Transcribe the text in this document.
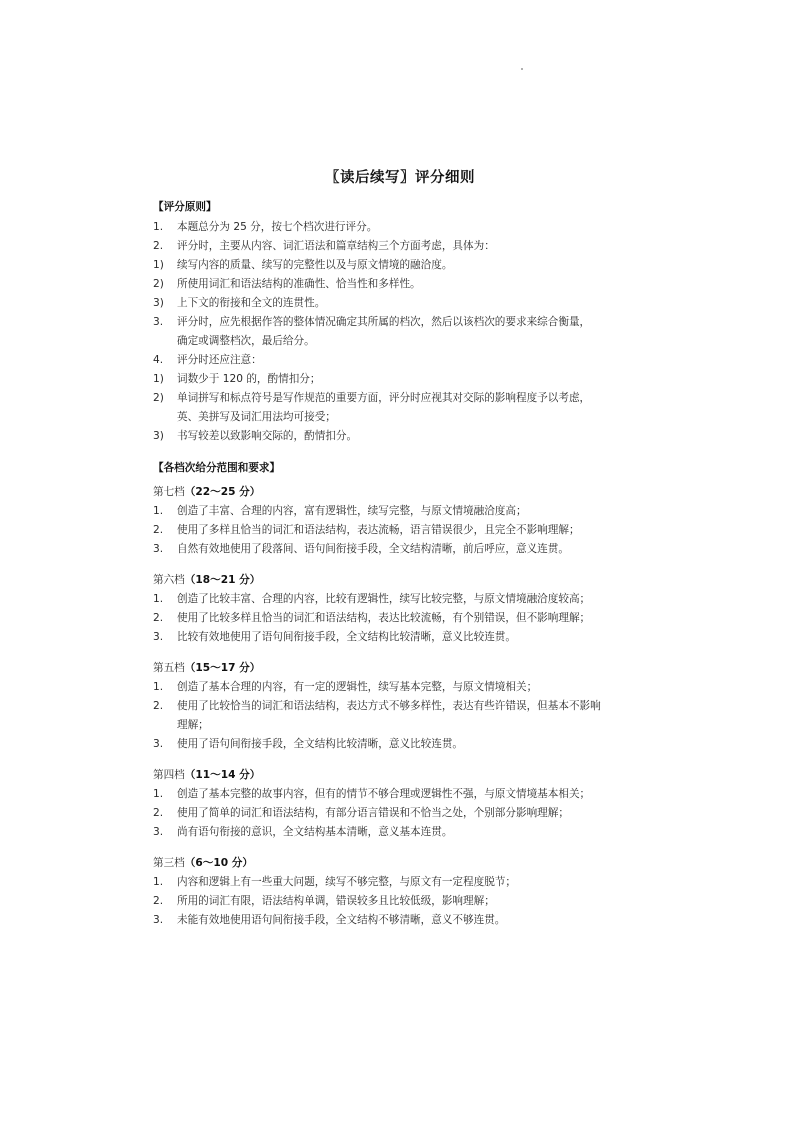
〖读后续写〗评分细则
【评分原则】
1.	本题总分为 25 分，按七个档次进行评分。
2.	评分时，主要从内容、词汇语法和篇章结构三个方面考虑，具体为：
1)	续写内容的质量、续写的完整性以及与原文情境的融洽度。
2)	所使用词汇和语法结构的准确性、恰当性和多样性。
3)	上下文的衔接和全文的连贯性。
3.	评分时，应先根据作答的整体情况确定其所属的档次，然后以该档次的要求来综合衡量，
确定或调整档次，最后给分。
4.	评分时还应注意：
1)	词数少于 120 的，酌情扣分；
2)	单词拼写和标点符号是写作规范的重要方面，评分时应视其对交际的影响程度予以考虑，
英、美拼写及词汇用法均可接受；
3)	书写较差以致影响交际的，酌情扣分。
【各档次给分范围和要求】
第七档（22～25 分）
1.	创造了丰富、合理的内容，富有逻辑性，续写完整，与原文情境融洽度高；
2.	使用了多样且恰当的词汇和语法结构，表达流畅，语言错误很少，且完全不影响理解；
3.	自然有效地使用了段落间、语句间衔接手段，全文结构清晰，前后呼应，意义连贯。
第六档（18～21 分）
1.	创造了比较丰富、合理的内容，比较有逻辑性，续写比较完整，与原文情境融洽度较高；
2.	使用了比较多样且恰当的词汇和语法结构，表达比较流畅，有个别错误，但不影响理解；
3.	比较有效地使用了语句间衔接手段，全文结构比较清晰，意义比较连贯。
第五档（15～17 分）
1.	创造了基本合理的内容，有一定的逻辑性，续写基本完整，与原文情境相关；
2.	使用了比较恰当的词汇和语法结构，表达方式不够多样性，表达有些许错误，但基本不影响
理解；
3.	使用了语句间衔接手段，全文结构比较清晰，意义比较连贯。
第四档（11～14 分）
1.	创造了基本完整的故事内容，但有的情节不够合理或逻辑性不强，与原文情境基本相关；
2.	使用了简单的词汇和语法结构，有部分语言错误和不恰当之处，个别部分影响理解；
3.	尚有语句衔接的意识，全文结构基本清晰，意义基本连贯。
第三档（6～10 分）
1.	内容和逻辑上有一些重大问题，续写不够完整，与原文有一定程度脱节；
2.	所用的词汇有限，语法结构单调，错误较多且比较低级，影响理解；
3.	未能有效地使用语句间衔接手段，全文结构不够清晰，意义不够连贯。
